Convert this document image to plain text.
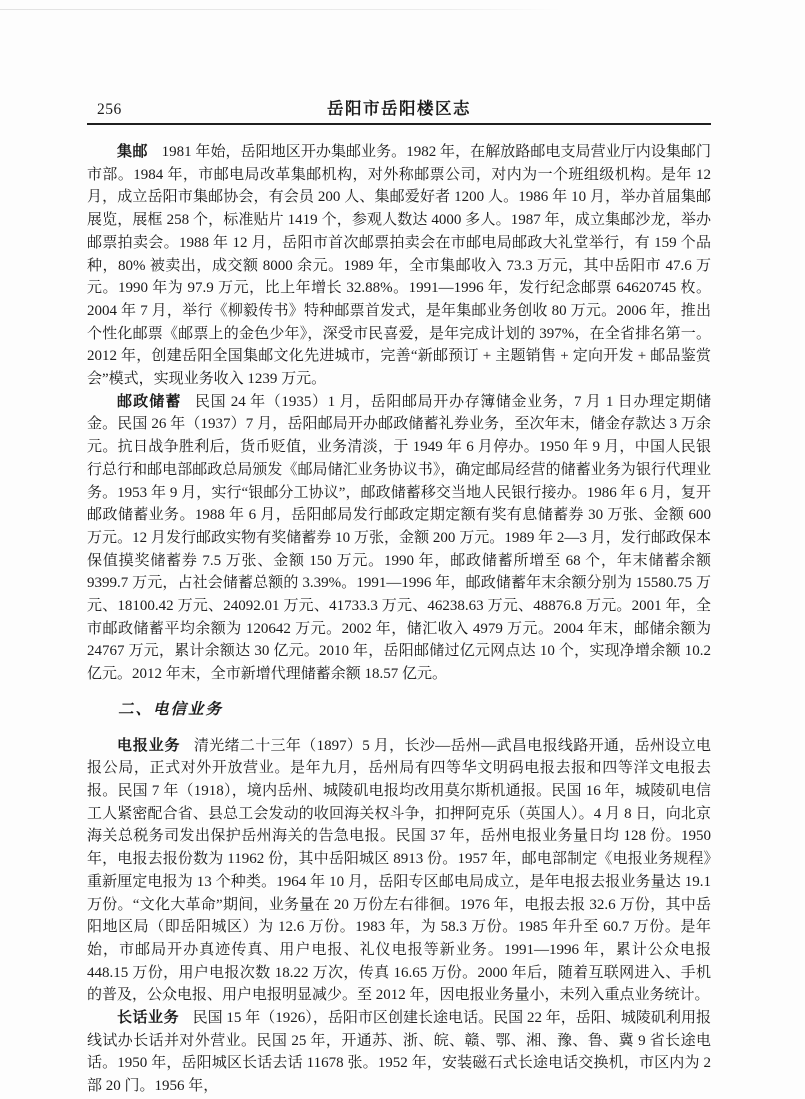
256	岳阳市岳阳楼区志

集邮 1981 年始，岳阳地区开办集邮业务。1982 年，在解放路邮电支局营业厅内设集邮门市部。1984 年，市邮电局改革集邮机构，对外称邮票公司，对内为一个班组级机构。是年 12 月，成立岳阳市集邮协会，有会员 200 人、集邮爱好者 1200 人。1986 年 10 月，举办首届集邮展览，展框 258 个，标准贴片 1419 个，参观人数达 4000 多人。1987 年，成立集邮沙龙，举办邮票拍卖会。1988 年 12 月，岳阳市首次邮票拍卖会在市邮电局邮政大礼堂举行，有 159 个品种，80% 被卖出，成交额 8000 余元。1989 年，全市集邮收入 73.3 万元，其中岳阳市 47.6 万元。1990 年为 97.9 万元，比上年增长 32.88%。1991—1996 年，发行纪念邮票 64620745 枚。2004 年 7 月，举行《柳毅传书》特种邮票首发式，是年集邮业务创收 80 万元。2006 年，推出个性化邮票《邮票上的金色少年》，深受市民喜爱，是年完成计划的 397%，在全省排名第一。2012 年，创建岳阳全国集邮文化先进城市，完善“新邮预订 + 主题销售 + 定向开发 + 邮品鉴赏会”模式，实现业务收入 1239 万元。

邮政储蓄 民国 24 年（1935）1 月，岳阳邮局开办存簿储金业务，7 月 1 日办理定期储金。民国 26 年（1937）7 月，岳阳邮局开办邮政储蓄礼券业务，至次年末，储金存款达 3 万余元。抗日战争胜利后，货币贬值，业务清淡，于 1949 年 6 月停办。1950 年 9 月，中国人民银行总行和邮电部邮政总局颁发《邮局储汇业务协议书》，确定邮局经营的储蓄业务为银行代理业务。1953 年 9 月，实行“银邮分工协议”，邮政储蓄移交当地人民银行接办。1986 年 6 月，复开邮政储蓄业务。1988 年 6 月，岳阳邮局发行邮政定期定额有奖有息储蓄券 30 万张、金额 600 万元。12 月发行邮政实物有奖储蓄券 10 万张，金额 200 万元。1989 年 2—3 月，发行邮政保本保值摸奖储蓄券 7.5 万张、金额 150 万元。1990 年，邮政储蓄所增至 68 个，年末储蓄余额 9399.7 万元，占社会储蓄总额的 3.39%。1991—1996 年，邮政储蓄年末余额分别为 15580.75 万元、18100.42 万元、24092.01 万元、41733.3 万元、46238.63 万元、48876.8 万元。2001 年，全市邮政储蓄平均余额为 120642 万元。2002 年，储汇收入 4979 万元。2004 年末，邮储余额为 24767 万元，累计余额达 30 亿元。2010 年，岳阳邮储过亿元网点达 10 个，实现净增余额 10.2 亿元。2012 年末，全市新增代理储蓄余额 18.57 亿元。

二、电信业务

电报业务 清光绪二十三年（1897）5 月，长沙—岳州—武昌电报线路开通，岳州设立电报公局，正式对外开放营业。是年九月，岳州局有四等华文明码电报去报和四等洋文电报去报。民国 7 年（1918），境内岳州、城陵矶电报均改用莫尔斯机通报。民国 16 年，城陵矶电信工人紧密配合省、县总工会发动的收回海关权斗争，扣押阿克乐（英国人）。4 月 8 日，向北京海关总税务司发出保护岳州海关的告急电报。民国 37 年，岳州电报业务量日均 128 份。1950 年，电报去报份数为 11962 份，其中岳阳城区 8913 份。1957 年，邮电部制定《电报业务规程》重新厘定电报为 13 个种类。1964 年 10 月，岳阳专区邮电局成立，是年电报去报业务量达 19.1 万份。“文化大革命”期间，业务量在 20 万份左右徘徊。1976 年，电报去报 32.6 万份，其中岳阳地区局（即岳阳城区）为 12.6 万份。1983 年，为 58.3 万份。1985 年升至 60.7 万份。是年始，市邮局开办真迹传真、用户电报、礼仪电报等新业务。1991—1996 年，累计公众电报 448.15 万份，用户电报次数 18.22 万次，传真 16.65 万份。2000 年后，随着互联网进入、手机的普及，公众电报、用户电报明显减少。至 2012 年，因电报业务量小，未列入重点业务统计。

长话业务 民国 15 年（1926），岳阳市区创建长途电话。民国 22 年，岳阳、城陵矶利用报线试办长话并对外营业。民国 25 年，开通苏、浙、皖、赣、鄂、湘、豫、鲁、冀 9 省长途电话。1950 年，岳阳城区长话去话 11678 张。1952 年，安装磁石式长途电话交换机，市区内为 2 部 20 门。1956 年，
